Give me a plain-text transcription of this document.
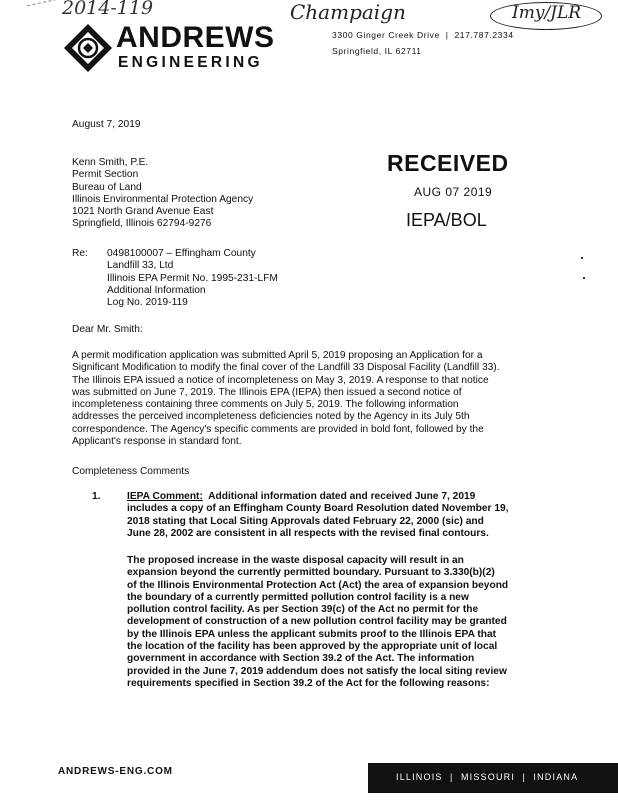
2014-119	Champaign	Imy/JLR
ANDREWS
ENGINEERING
3300 Ginger Creek Drive  |  217.787.2334
Springfield, IL 62711
August 7, 2019
Kenn Smith, P.E.
Permit Section
Bureau of Land
Illinois Environmental Protection Agency
1021 North Grand Avenue East
Springfield, Illinois 62794-9276
RECEIVED
AUG 07 2019
IEPA/BOL
Re: 0498100007 – Effingham County
Landfill 33, Ltd
Illinois EPA Permit No. 1995-231-LFM
Additional Information
Log No. 2019-119
Dear Mr. Smith:
A permit modification application was submitted April 5, 2019 proposing an Application for a
Significant Modification to modify the final cover of the Landfill 33 Disposal Facility (Landfill 33).
The Illinois EPA issued a notice of incompleteness on May 3, 2019. A response to that notice
was submitted on June 7, 2019. The Illinois EPA (IEPA) then issued a second notice of
incompleteness containing three comments on July 5, 2019. The following information
addresses the perceived incompleteness deficiencies noted by the Agency in its July 5th
correspondence. The Agency's specific comments are provided in bold font, followed by the
Applicant's response in standard font.
Completeness Comments
1.	IEPA Comment: Additional information dated and received June 7, 2019
includes a copy of an Effingham County Board Resolution dated November 19,
2018 stating that Local Siting Approvals dated February 22, 2000 (sic) and
June 28, 2002 are consistent in all respects with the revised final contours.
The proposed increase in the waste disposal capacity will result in an
expansion beyond the currently permitted boundary. Pursuant to 3.330(b)(2)
of the Illinois Environmental Protection Act (Act) the area of expansion beyond
the boundary of a currently permitted pollution control facility is a new
pollution control facility. As per Section 39(c) of the Act no permit for the
development of construction of a new pollution control facility may be granted
by the Illinois EPA unless the applicant submits proof to the Illinois EPA that
the location of the facility has been approved by the appropriate unit of local
government in accordance with Section 39.2 of the Act. The information
provided in the June 7, 2019 addendum does not satisfy the local siting review
requirements specified in Section 39.2 of the Act for the following reasons:
ANDREWS-ENG.COM	ILLINOIS  |  MISSOURI  |  INDIANA
